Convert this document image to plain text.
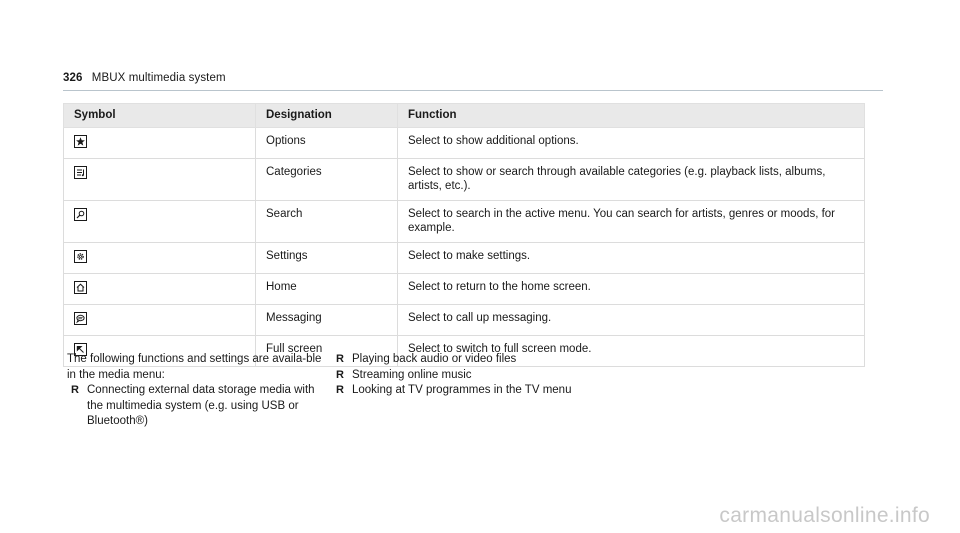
326 MBUX multimedia system
Symbol	Designation	Function

	Options	Select to show additional options.

	Categories	Select to show or search through available categories (e.g. playback lists, albums, artists, etc.).

	Search	Select to search in the active menu. You can search for artists, genres or moods, for example.

	Settings	Select to make settings.

	Home	Select to return to the home screen.

	Messaging	Select to call up messaging.

	Full screen	Select to switch to full screen mode.
The following functions and settings are availa-ble in the media menu:
R Connecting external data storage media with the multimedia system (e.g. using USB or Bluetooth®)
R Playing back audio or video files
R Streaming online music
R Looking at TV programmes in the TV menu
carmanualsonline.info
